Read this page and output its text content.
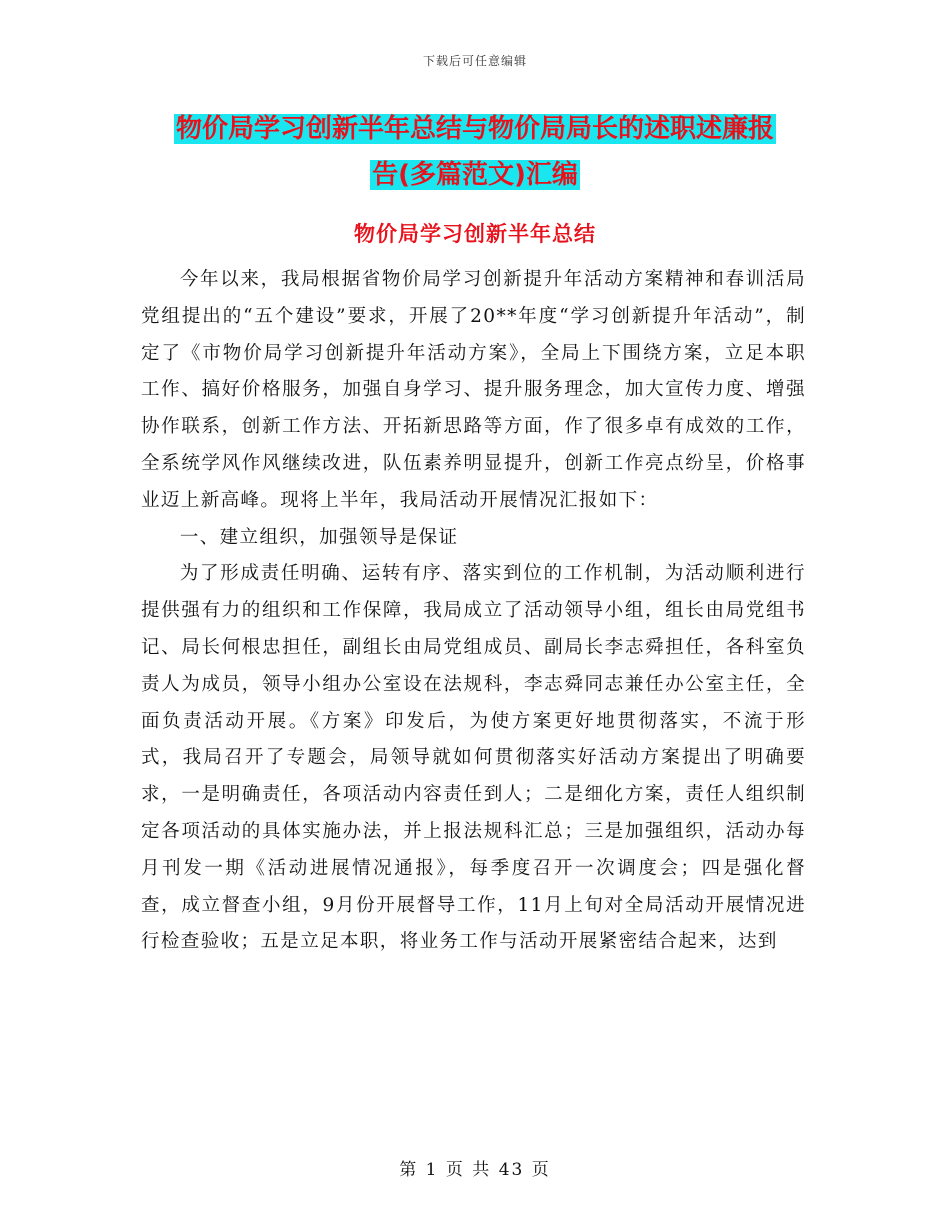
下载后可任意编辑
物价局学习创新半年总结与物价局局长的述职述廉报
告(多篇范文)汇编
物价局学习创新半年总结

今年以来，我局根据省物价局学习创新提升年活动方案精神和春训活局党组提出的“五个建设”要求，开展了20**年度“学习创新提升年活动”，制定了《市物价局学习创新提升年活动方案》，全局上下围绕方案，立足本职工作、搞好价格服务，加强自身学习、提升服务理念，加大宣传力度、增强协作联系，创新工作方法、开拓新思路等方面，作了很多卓有成效的工作，全系统学风作风继续改进，队伍素养明显提升，创新工作亮点纷呈，价格事业迈上新高峰。现将上半年，我局活动开展情况汇报如下：

一、建立组织，加强领导是保证

为了形成责任明确、运转有序、落实到位的工作机制，为活动顺利进行提供强有力的组织和工作保障，我局成立了活动领导小组，组长由局党组书记、局长何根忠担任，副组长由局党组成员、副局长李志舜担任，各科室负责人为成员，领导小组办公室设在法规科，李志舜同志兼任办公室主任，全面负责活动开展。《方案》印发后，为使方案更好地贯彻落实，不流于形式，我局召开了专题会，局领导就如何贯彻落实好活动方案提出了明确要求，一是明确责任，各项活动内容责任到人；二是细化方案，责任人组织制定各项活动的具体实施办法，并上报法规科汇总；三是加强组织，活动办每月刊发一期《活动进展情况通报》，每季度召开一次调度会；四是强化督查，成立督查小组，9月份开展督导工作，11月上旬对全局活动开展情况进行检查验收；五是立足本职，将业务工作与活动开展紧密结合起来，达到

第 1 页 共 43 页
